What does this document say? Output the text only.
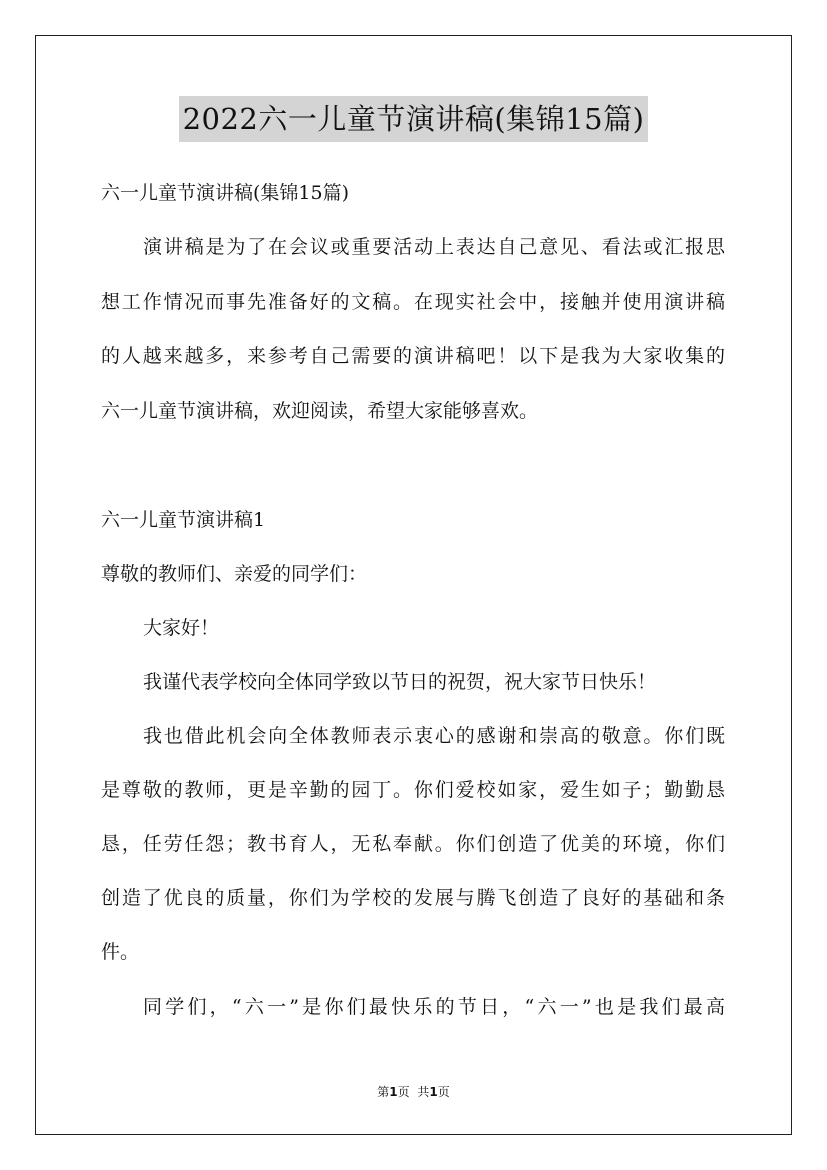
2022六一儿童节演讲稿(集锦15篇)
六一儿童节演讲稿(集锦15篇)
演讲稿是为了在会议或重要活动上表达自己意见、看法或汇报思
想工作情况而事先准备好的文稿。在现实社会中，接触并使用演讲稿
的人越来越多，来参考自己需要的演讲稿吧！以下是我为大家收集的
六一儿童节演讲稿，欢迎阅读，希望大家能够喜欢。
六一儿童节演讲稿1
尊敬的教师们、亲爱的同学们：
大家好！
我谨代表学校向全体同学致以节日的祝贺，祝大家节日快乐！
我也借此机会向全体教师表示衷心的感谢和崇高的敬意。你们既
是尊敬的教师，更是辛勤的园丁。你们爱校如家，爱生如子；勤勤恳
恳，任劳任怨；教书育人，无私奉献。你们创造了优美的环境，你们
创造了优良的质量，你们为学校的发展与腾飞创造了良好的基础和条
件。
同学们，“六一”是你们最快乐的节日，“六一”也是我们最高
第1页 共1页
